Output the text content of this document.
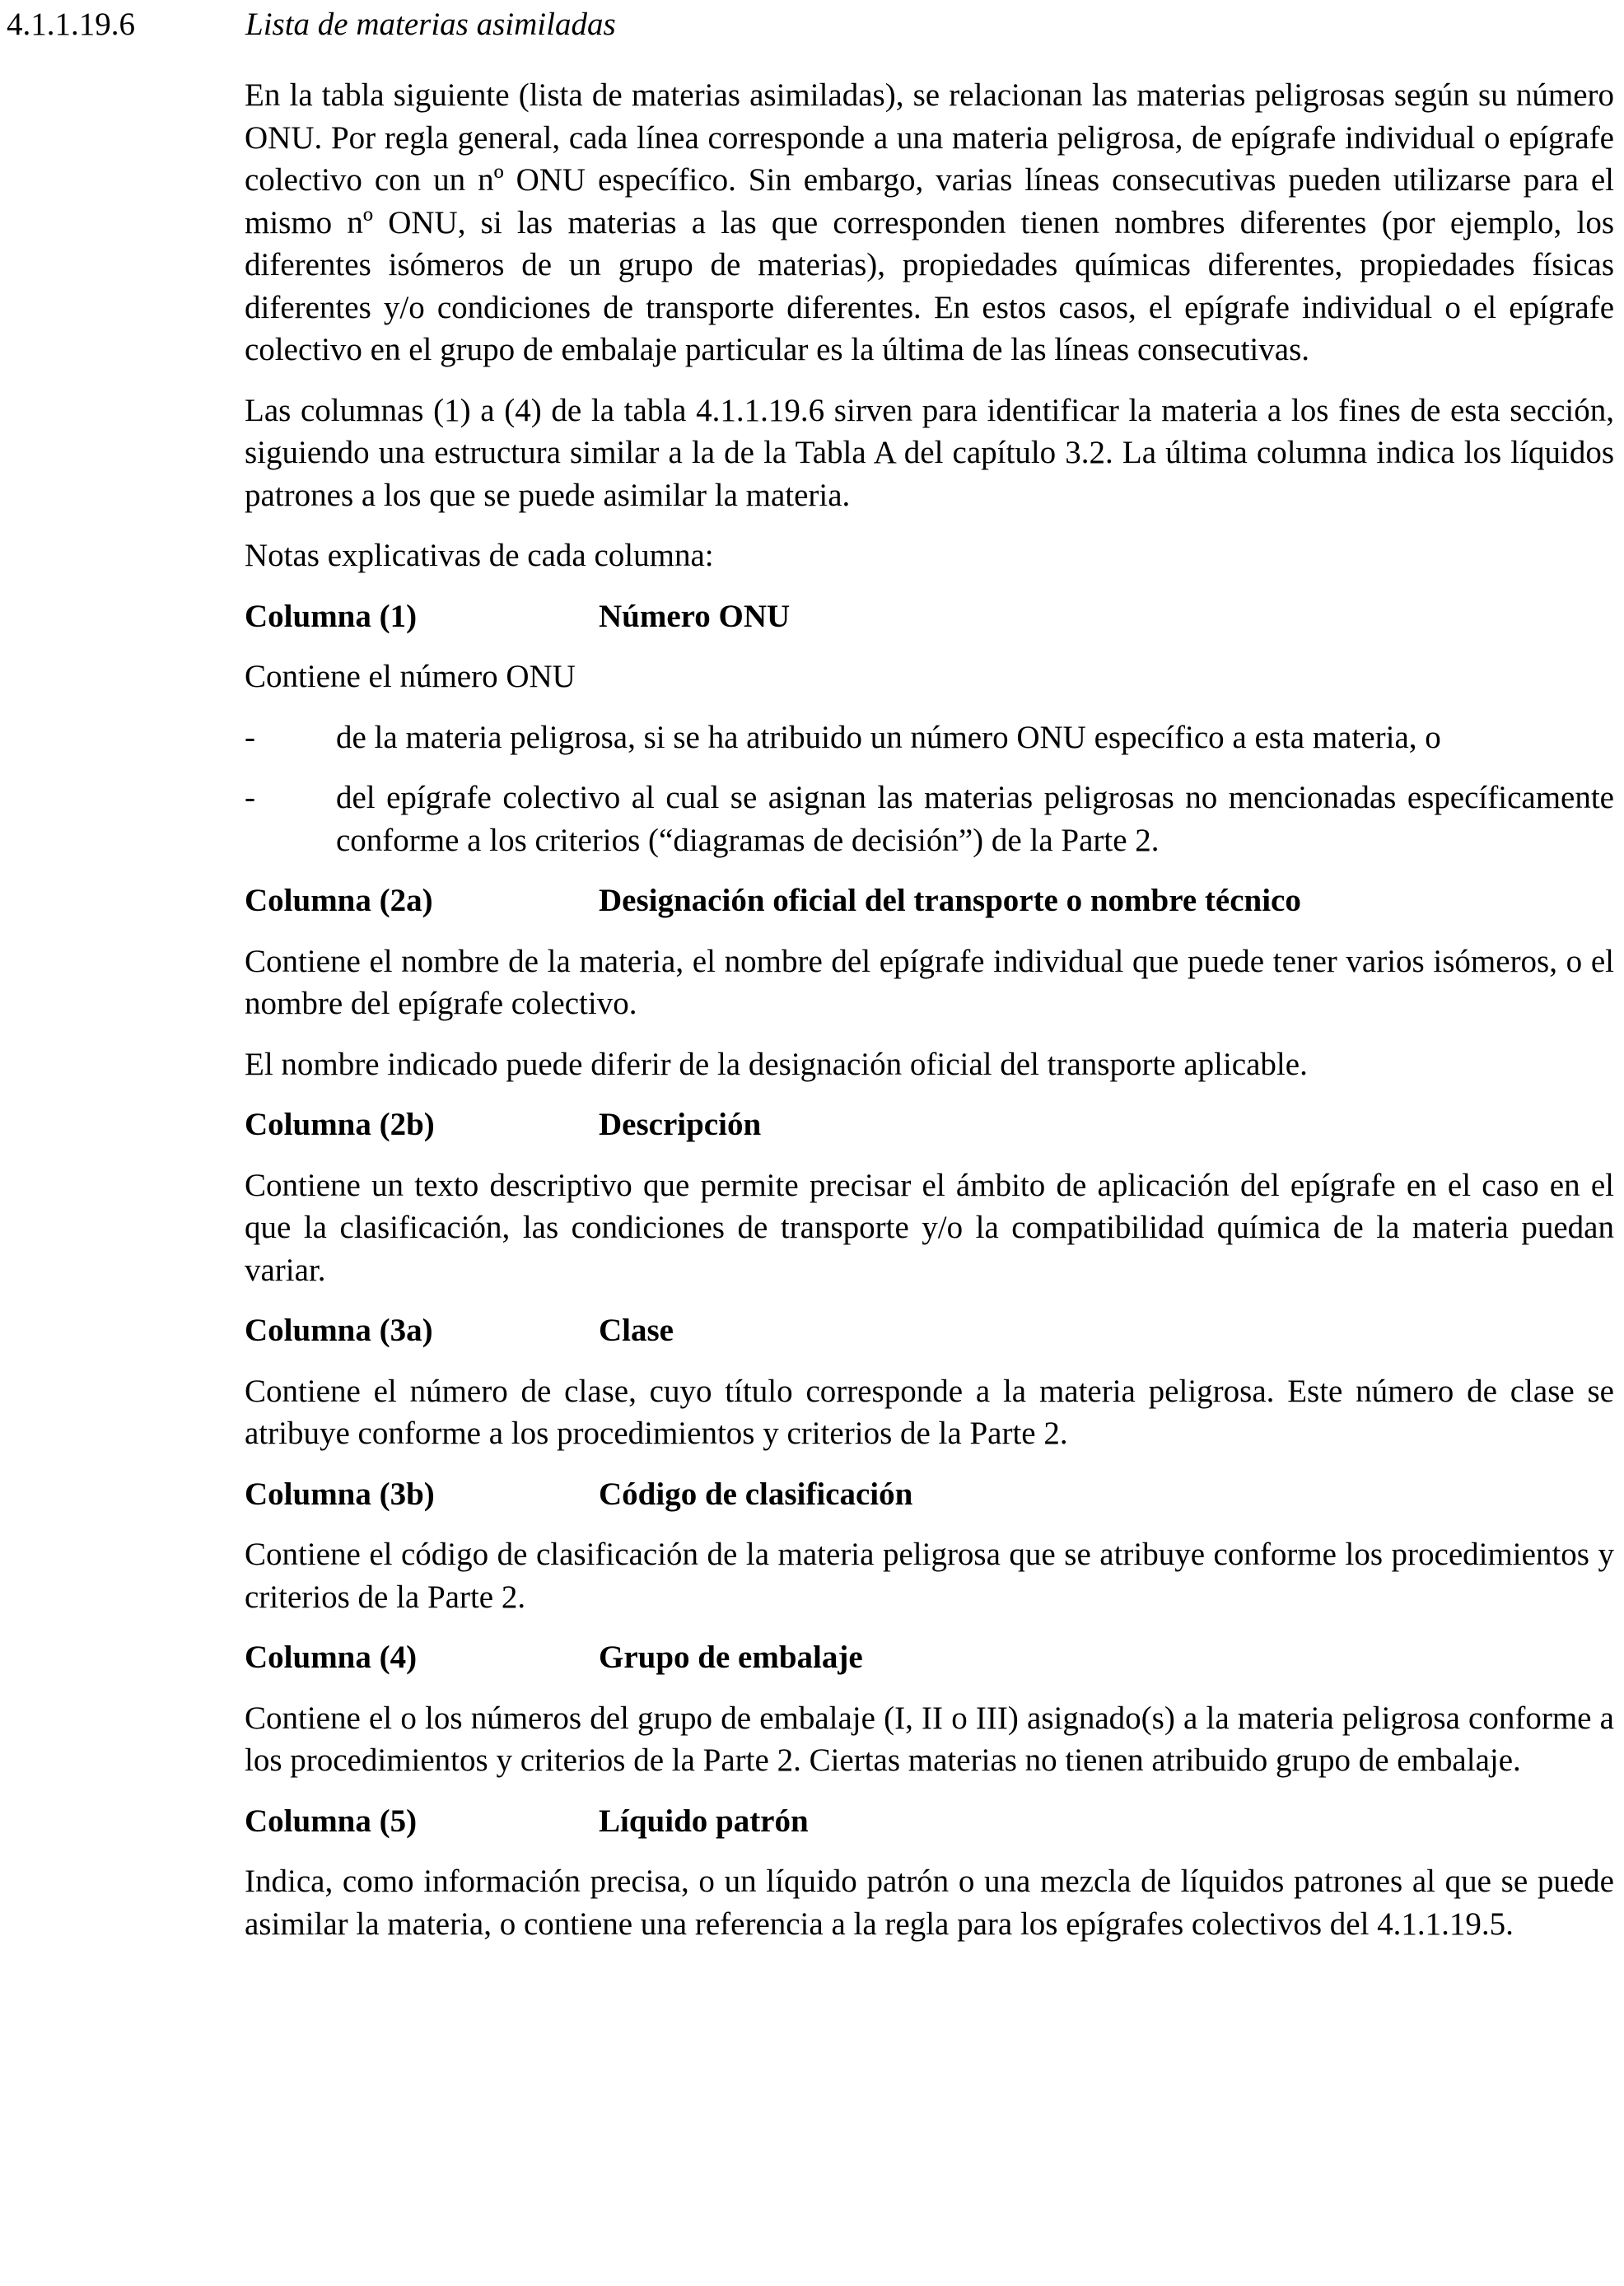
4.1.1.19.6	Lista de materias asimiladas

En la tabla siguiente (lista de materias asimiladas), se relacionan las materias peligrosas según su número ONU. Por regla general, cada línea corresponde a una materia peligrosa, de epígrafe individual o epígrafe colectivo con un nº ONU específico. Sin embargo, varias líneas consecutivas pueden utilizarse para el mismo nº ONU, si las materias a las que corresponden tienen nombres diferentes (por ejemplo, los diferentes isómeros de un grupo de materias), propiedades químicas diferentes, propiedades físicas diferentes y/o condiciones de transporte diferentes. En estos casos, el epígrafe individual o el epígrafe colectivo en el grupo de embalaje particular es la última de las líneas consecutivas.

Las columnas (1) a (4) de la tabla 4.1.1.19.6 sirven para identificar la materia a los fines de esta sección, siguiendo una estructura similar a la de la Tabla A del capítulo 3.2. La última columna indica los líquidos patrones a los que se puede asimilar la materia.

Notas explicativas de cada columna:

Columna (1)	Número ONU

Contiene el número ONU

-	de la materia peligrosa, si se ha atribuido un número ONU específico a esta materia, o
-	del epígrafe colectivo al cual se asignan las materias peligrosas no mencionadas específicamente conforme a los criterios (“diagramas de decisión”) de la Parte 2.
Columna (2a)	Designación oficial del transporte o nombre técnico

Contiene el nombre de la materia, el nombre del epígrafe individual que puede tener varios isómeros, o el nombre del epígrafe colectivo.

El nombre indicado puede diferir de la designación oficial del transporte aplicable.

Columna (2b)	Descripción

Contiene un texto descriptivo que permite precisar el ámbito de aplicación del epígrafe en el caso en el que la clasificación, las condiciones de transporte y/o la compatibilidad química de la materia puedan variar.

Columna (3a)	Clase

Contiene el número de clase, cuyo título corresponde a la materia peligrosa. Este número de clase se atribuye conforme a los procedimientos y criterios de la Parte 2.

Columna (3b)	Código de clasificación

Contiene el código de clasificación de la materia peligrosa que se atribuye conforme los procedimientos y criterios de la Parte 2.

Columna (4)	Grupo de embalaje

Contiene el o los números del grupo de embalaje (I, II o III) asignado(s) a la materia peligrosa conforme a los procedimientos y criterios de la Parte 2. Ciertas materias no tienen atribuido grupo de embalaje.

Columna (5)	Líquido patrón

Indica, como información precisa, o un líquido patrón o una mezcla de líquidos patrones al que se puede asimilar la materia, o contiene una referencia a la regla para los epígrafes colectivos del 4.1.1.19.5.
